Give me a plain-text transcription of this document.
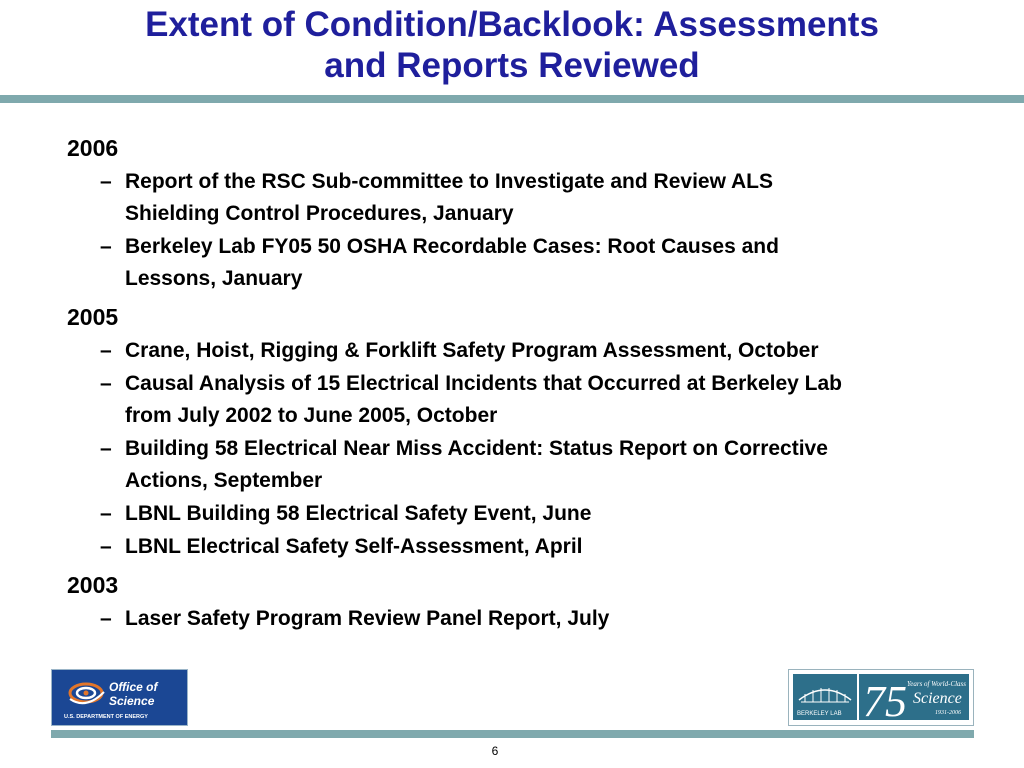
Extent of Condition/Backlook: Assessments
and Reports Reviewed

2006

– Report of the RSC Sub-committee to Investigate and Review ALS
Shielding Control Procedures, January
– Berkeley Lab FY05 50 OSHA Recordable Cases: Root Causes and
Lessons, January

2005

– Crane, Hoist, Rigging & Forklift Safety Program Assessment, October
– Causal Analysis of 15 Electrical Incidents that Occurred at Berkeley Lab
from July 2002 to June 2005, October
– Building 58 Electrical Near Miss Accident: Status Report on Corrective
Actions, September
– LBNL Building 58 Electrical Safety Event, June
– LBNL Electrical Safety Self-Assessment, April

2003

– Laser Safety Program Review Panel Report, July
Office of
Science
U.S. DEPARTMENT OF ENERGY	BERKELEY LAB 75 Years of World-Class
Science
1931-2006
6
